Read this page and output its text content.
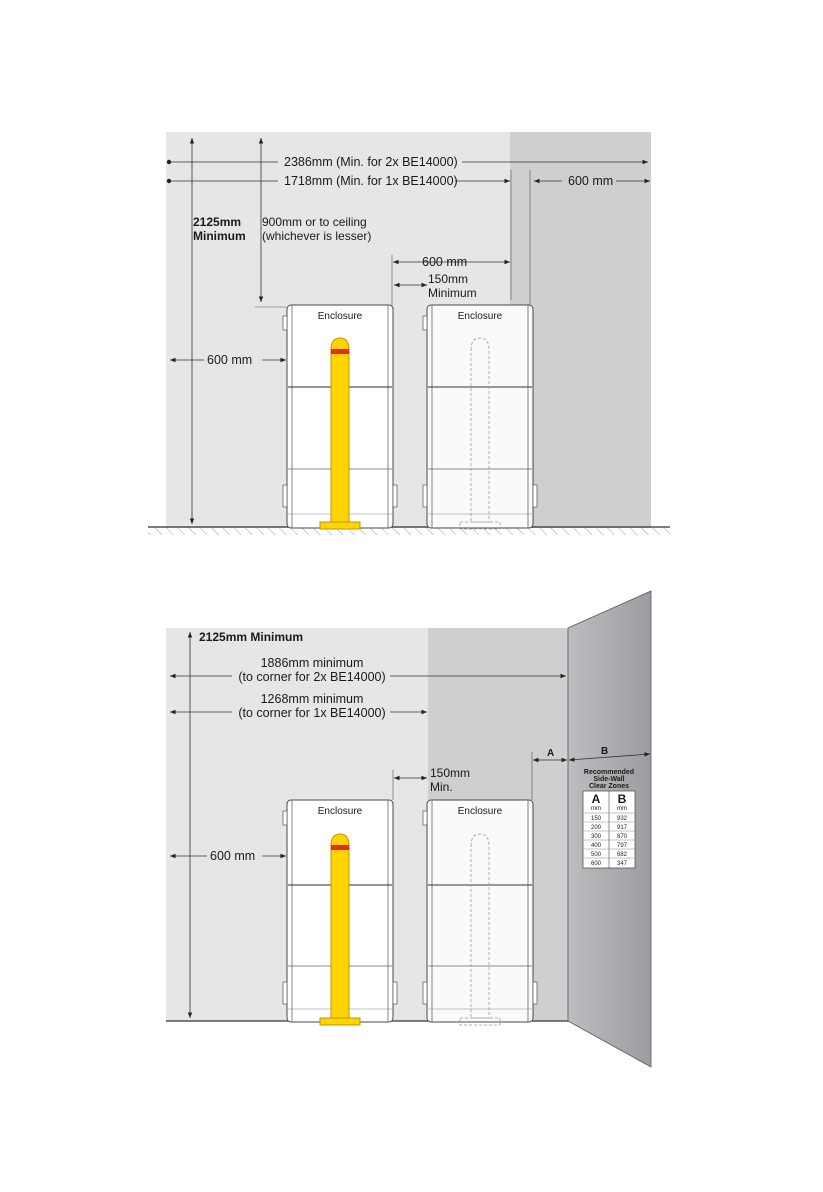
2386mm (Min. for 2x BE14000)
1718mm (Min. for 1x BE14000)	600 mm
2125mm
Minimum
900mm or to ceiling
(whichever is lesser)
600 mm
150mm
Minimum
600 mm
Enclosure	Enclosure
Recommended
Side-Wall
Clear Zones
A B
mm	mm
150	932
200	917
300	870
400	797
500	682
600	347
2125mm Minimum
1886mm minimum
(to corner for 2x BE14000)
1268mm minimum
(to corner for 1x BE14000)
150mm
Min.
A	B
600 mm
Enclosure	Enclosure
